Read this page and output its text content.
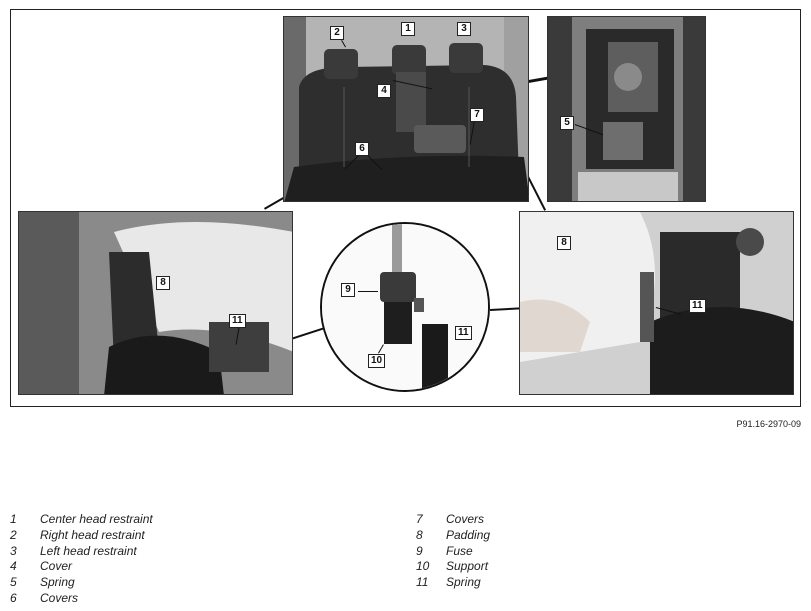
1
2	3
4
5
6
7
8
8
9
10
11
11
11
P91.16-2970-09
1 Center head restraint
2 Right head restraint
3 Left head restraint
4 Cover
5 Spring
6 Covers
7 Covers
8 Padding
9 Fuse
10 Support
11 Spring
